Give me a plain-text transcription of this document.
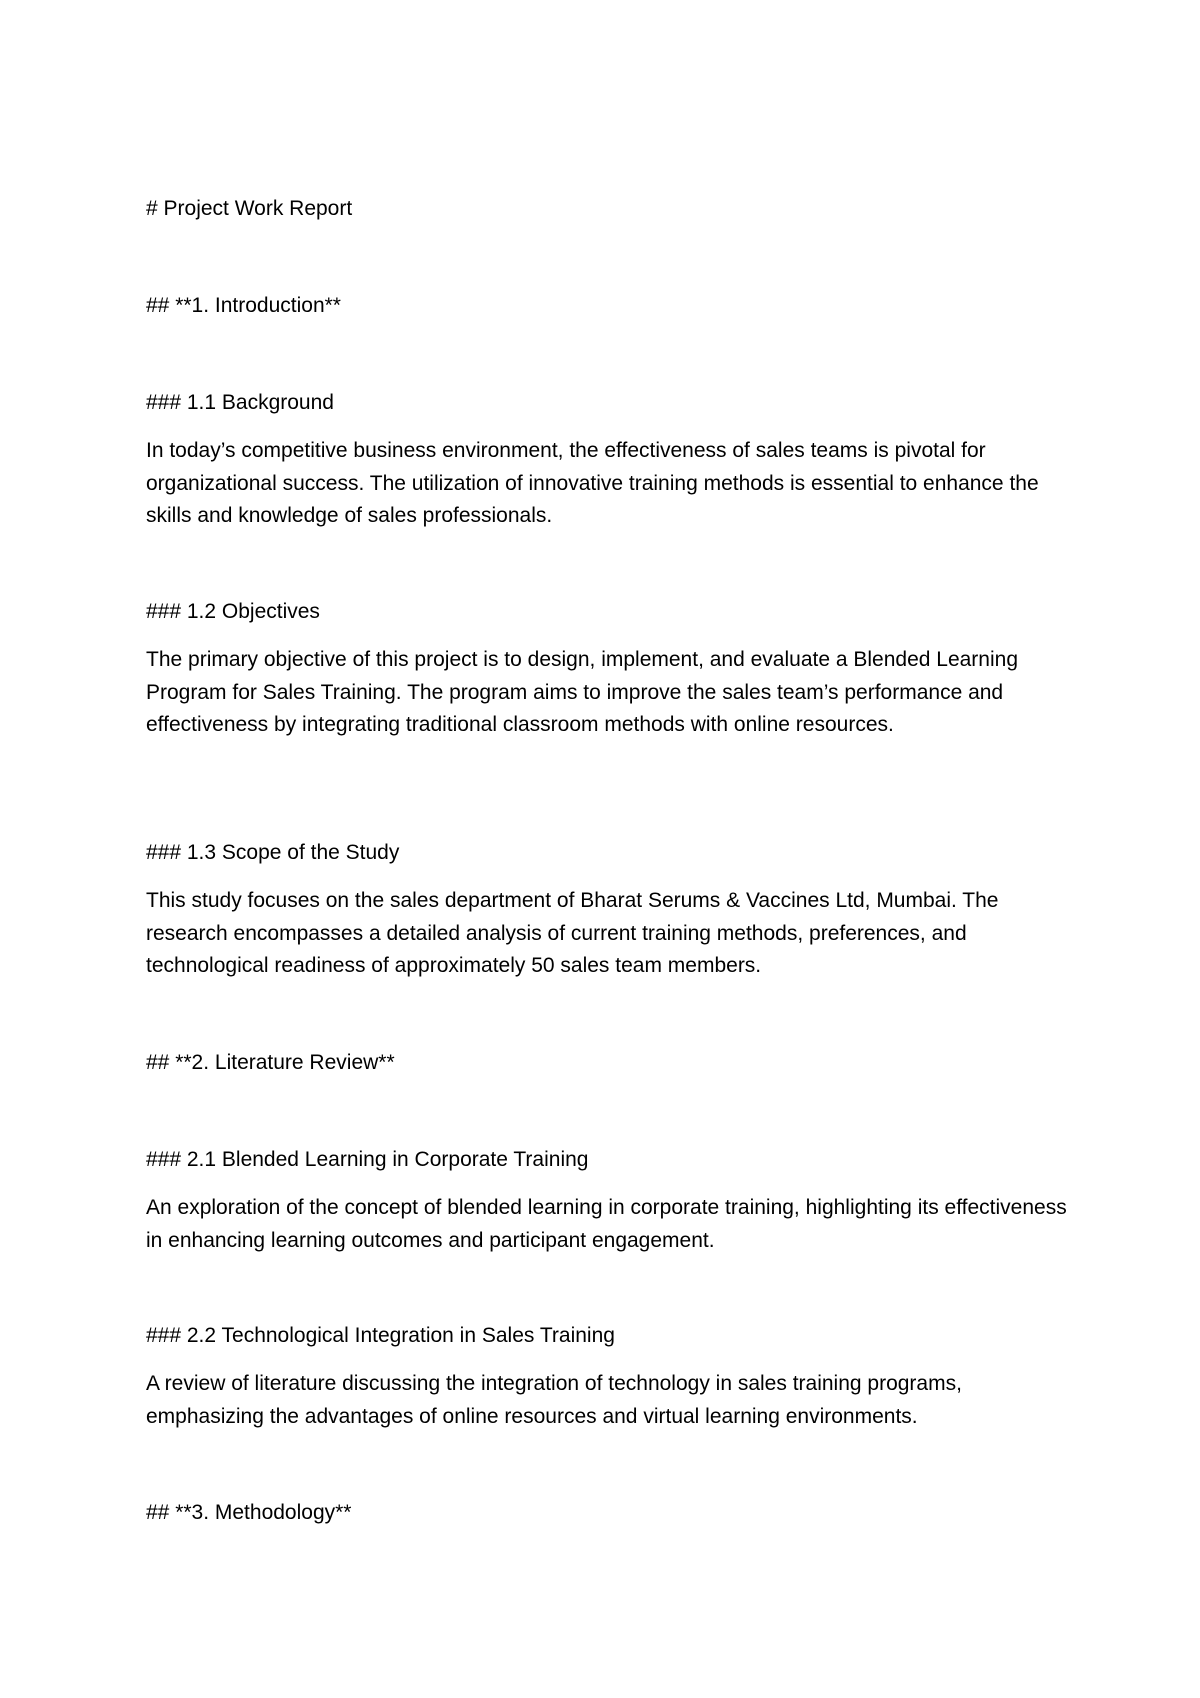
# Project Work Report

## **1. Introduction**

### 1.1 Background

In today’s competitive business environment, the effectiveness of sales teams is pivotal for organizational success. The utilization of innovative training methods is essential to enhance the skills and knowledge of sales professionals.

### 1.2 Objectives

The primary objective of this project is to design, implement, and evaluate a Blended Learning Program for Sales Training. The program aims to improve the sales team’s performance and effectiveness by integrating traditional classroom methods with online resources.

### 1.3 Scope of the Study

This study focuses on the sales department of Bharat Serums & Vaccines Ltd, Mumbai. The research encompasses a detailed analysis of current training methods, preferences, and technological readiness of approximately 50 sales team members.

## **2. Literature Review**

### 2.1 Blended Learning in Corporate Training

An exploration of the concept of blended learning in corporate training, highlighting its effectiveness in enhancing learning outcomes and participant engagement.

### 2.2 Technological Integration in Sales Training

A review of literature discussing the integration of technology in sales training programs, emphasizing the advantages of online resources and virtual learning environments.

## **3. Methodology**
